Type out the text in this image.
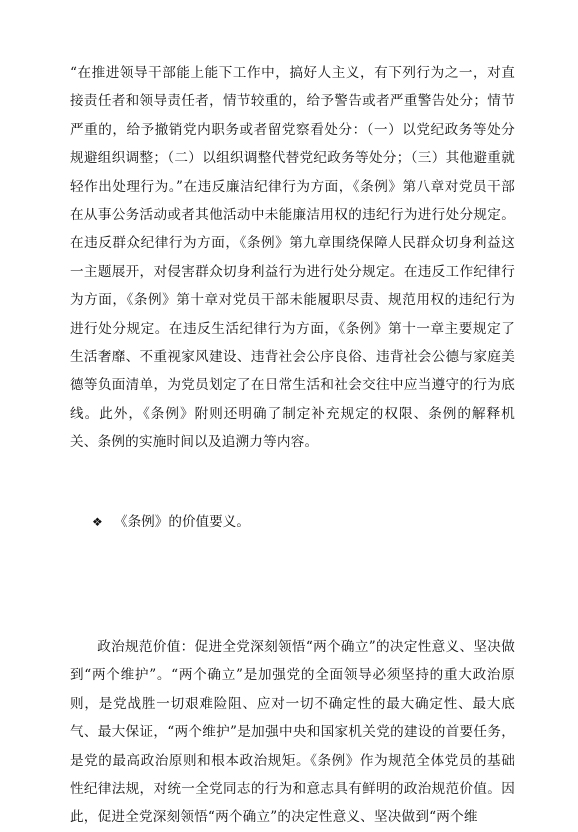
“在推进领导干部能上能下工作中，搞好人主义，有下列行为之一，对直接责任者和领导责任者，情节较重的，给予警告或者严重警告处分；情节严重的，给予撤销党内职务或者留党察看处分：（一）以党纪政务等处分规避组织调整；（二）以组织调整代替党纪政务等处分；（三）其他避重就轻作出处理行为。”在违反廉洁纪律行为方面，《条例》第八章对党员干部在从事公务活动或者其他活动中未能廉洁用权的违纪行为进行处分规定。在违反群众纪律行为方面，《条例》第九章围绕保障人民群众切身利益这一主题展开，对侵害群众切身利益行为进行处分规定。在违反工作纪律行为方面，《条例》第十章对党员干部未能履职尽责、规范用权的违纪行为进行处分规定。在违反生活纪律行为方面，《条例》第十一章主要规定了生活奢靡、不重视家风建设、违背社会公序良俗、违背社会公德与家庭美德等负面清单，为党员划定了在日常生活和社会交往中应当遵守的行为底线。此外，《条例》附则还明确了制定补充规定的权限、条例的解释机关、条例的实施时间以及追溯力等内容。

❖ 《条例》的价值要义。

政治规范价值：促进全党深刻领悟“两个确立”的决定性意义、坚决做到“两个维护”。“两个确立”是加强党的全面领导必须坚持的重大政治原则，是党战胜一切艰难险阻、应对一切不确定性的最大确定性、最大底气、最大保证，“两个维护”是加强中央和国家机关党的建设的首要任务，是党的最高政治原则和根本政治规矩。《条例》作为规范全体党员的基础性纪律法规，对统一全党同志的行为和意志具有鲜明的政治规范价值。因此，促进全党深刻领悟“两个确立”的决定性意义、坚决做到“两个维
